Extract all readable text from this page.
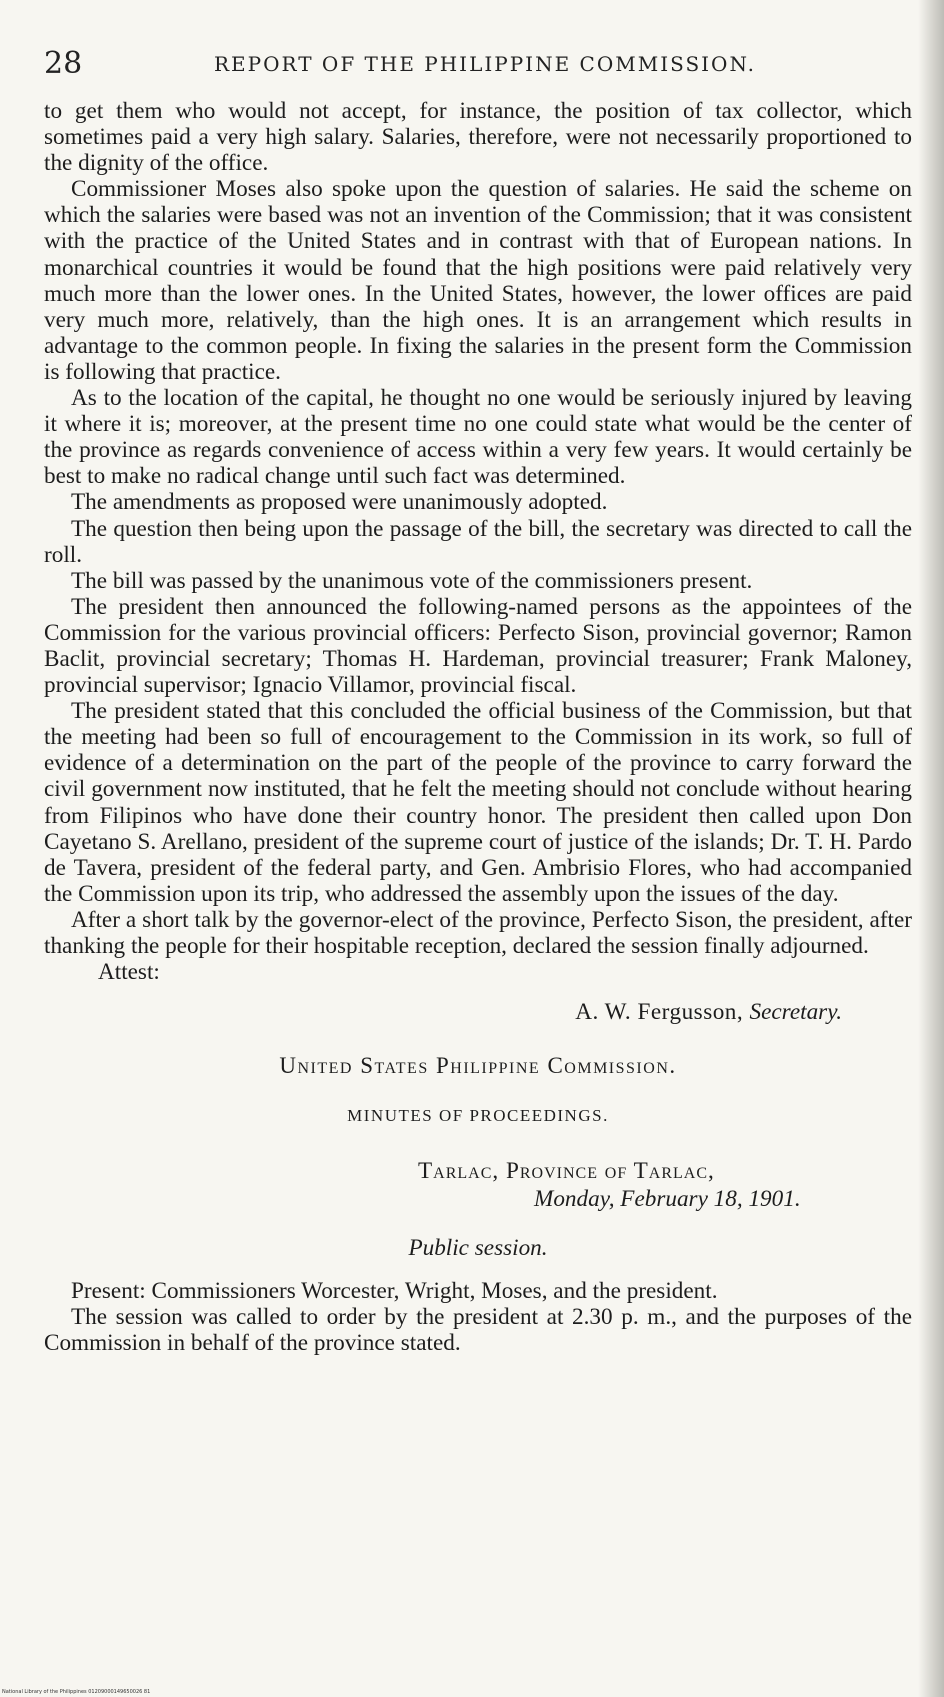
28	REPORT OF THE PHILIPPINE COMMISSION.

to get them who would not accept, for instance, the position of tax collector, which sometimes paid a very high salary. Salaries, therefore, were not necessarily proportioned to the dignity of the office.

Commissioner Moses also spoke upon the question of salaries. He said the scheme on which the salaries were based was not an invention of the Commission; that it was consistent with the practice of the United States and in contrast with that of European nations. In monarchical countries it would be found that the high positions were paid relatively very much more than the lower ones. In the United States, however, the lower offices are paid very much more, relatively, than the high ones. It is an arrangement which results in advantage to the common people. In fixing the salaries in the present form the Commission is following that practice.

As to the location of the capital, he thought no one would be seriously injured by leaving it where it is; moreover, at the present time no one could state what would be the center of the province as regards convenience of access within a very few years. It would certainly be best to make no radical change until such fact was determined.

The amendments as proposed were unanimously adopted.

The question then being upon the passage of the bill, the secretary was directed to call the roll.

The bill was passed by the unanimous vote of the commissioners present.

The president then announced the following-named persons as the appointees of the Commission for the various provincial officers: Perfecto Sison, provincial governor; Ramon Baclit, provincial secretary; Thomas H. Hardeman, provincial treasurer; Frank Maloney, provincial supervisor; Ignacio Villamor, provincial fiscal.

The president stated that this concluded the official business of the Commission, but that the meeting had been so full of encouragement to the Commission in its work, so full of evidence of a determination on the part of the people of the province to carry forward the civil government now instituted, that he felt the meeting should not conclude without hearing from Filipinos who have done their country honor. The president then called upon Don Cayetano S. Arellano, president of the supreme court of justice of the islands; Dr. T. H. Pardo de Tavera, president of the federal party, and Gen. Ambrisio Flores, who had accompanied the Commission upon its trip, who addressed the assembly upon the issues of the day.

After a short talk by the governor-elect of the province, Perfecto Sison, the president, after thanking the people for their hospitable reception, declared the session finally adjourned.

Attest:

A. W. Fergusson, Secretary.
United States Philippine Commission.
MINUTES OF PROCEEDINGS.
Tarlac, Province of Tarlac,
Monday, February 18, 1901.
Public session.

Present: Commissioners Worcester, Wright, Moses, and the president.

The session was called to order by the president at 2.30 p. m., and the purposes of the Commission in behalf of the province stated.

National Library of the Philippines 01209000149650026 81
